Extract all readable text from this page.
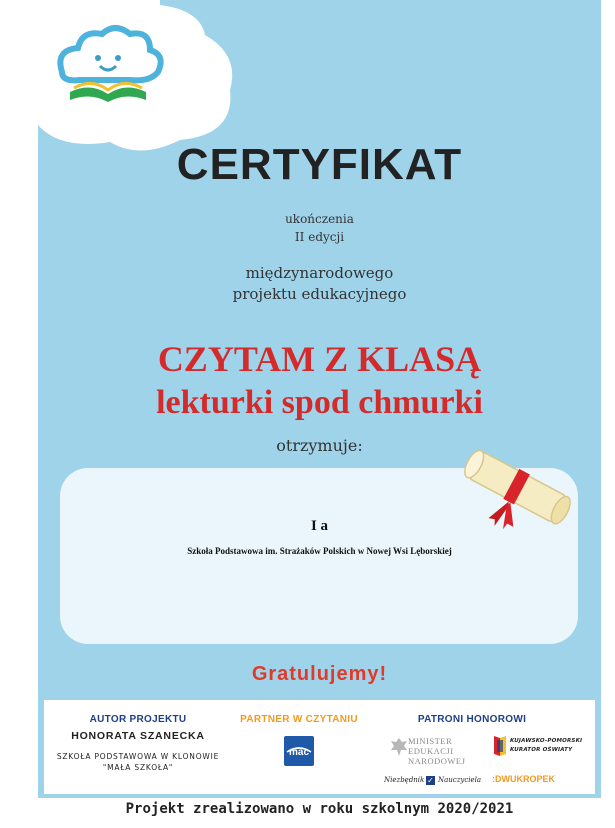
CERTYFIKAT
ukończenia
II edycji
międzynarodowego
projektu edukacyjnego
CZYTAM Z KLASĄ
lekturki spod chmurki
otrzymuje:
I a
Szkoła Podstawowa im. Strażaków Polskich w Nowej Wsi Lęborskiej
Gratulujemy!
AUTOR PROJEKTU
HONORATA SZANECKA
SZKOŁA PODSTAWOWA W KLONOWIE
"MAŁA SZKOŁA"
PARTNER W CZYTANIU
mac
PATRONI HONOROWI
MINISTER
EDUKACJI
NARODOWEJ
KUJAWSKO-POMORSKI
KURATOR OŚWIATY
Niezbędnik ✓ Nauczyciela	:DWUKROPEK
Projekt zrealizowano w roku szkolnym 2020/2021
